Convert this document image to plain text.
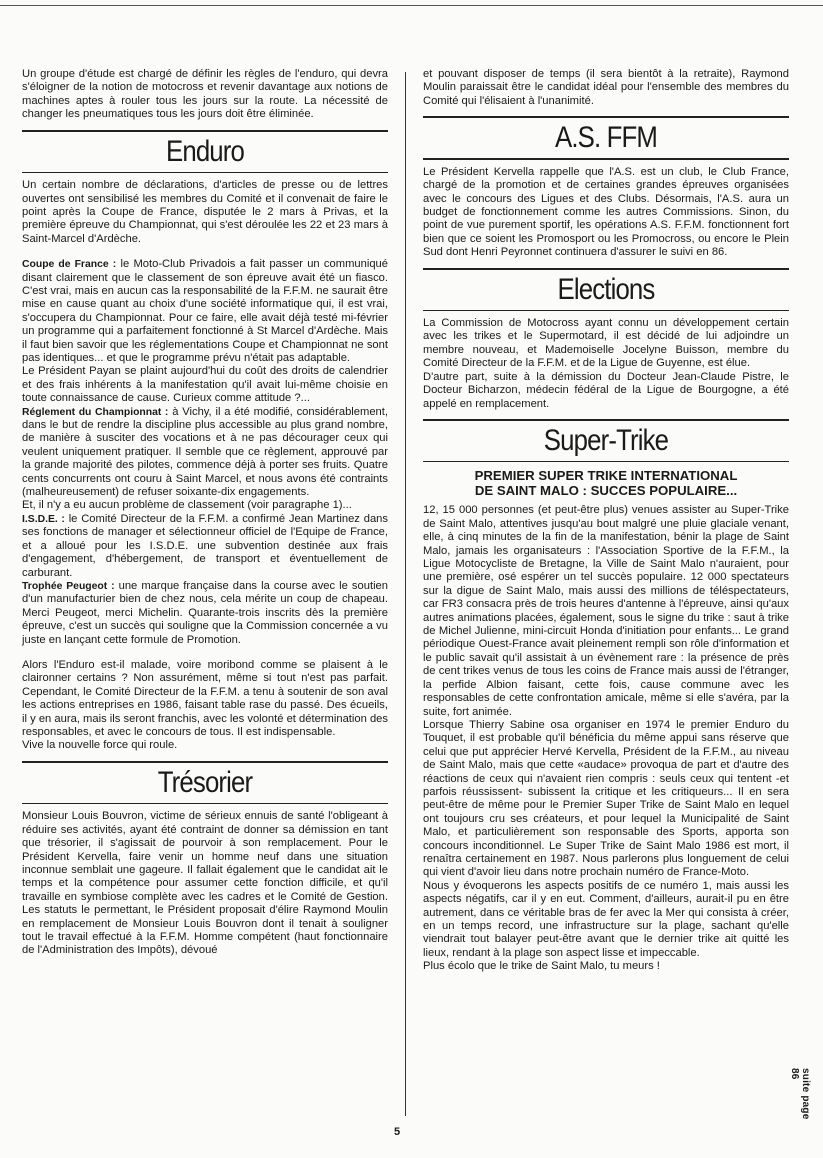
Un groupe d'étude est chargé de définir les règles de l'enduro, qui devra s'éloigner de la notion de motocross et revenir davantage aux notions de machines aptes à rouler tous les jours sur la route. La nécessité de changer les pneumatiques tous les jours doit être éliminée.

Enduro

Un certain nombre de déclarations, d'articles de presse ou de lettres ouvertes ont sensibilisé les membres du Comité et il convenait de faire le point après la Coupe de France, disputée le 2 mars à Privas, et la première épreuve du Championnat, qui s'est déroulée les 22 et 23 mars à Saint-Marcel d'Ardèche.

Coupe de France : le Moto-Club Privadois a fait passer un communiqué disant clairement que le classement de son épreuve avait été un fiasco. C'est vrai, mais en aucun cas la responsabilité de la F.F.M. ne saurait être mise en cause quant au choix d'une société informatique qui, il est vrai, s'occupera du Championnat. Pour ce faire, elle avait déjà testé mi-février un programme qui a parfaitement fonctionné à St Marcel d'Ardèche. Mais il faut bien savoir que les réglementations Coupe et Championnat ne sont pas identiques... et que le programme prévu n'était pas adaptable.

Le Président Payan se plaint aujourd'hui du coût des droits de calendrier et des frais inhérents à la manifestation qu'il avait lui-même choisie en toute connaissance de cause. Curieux comme attitude ?...

Réglement du Championnat : à Vichy, il a été modifié, considérablement, dans le but de rendre la discipline plus accessible au plus grand nombre, de manière à susciter des vocations et à ne pas décourager ceux qui veulent uniquement pratiquer. Il semble que ce règlement, approuvé par la grande majorité des pilotes, commence déjà à porter ses fruits. Quatre cents concurrents ont couru à Saint Marcel, et nous avons été contraints (malheureusement) de refuser soixante-dix engagements.

Et, il n'y a eu aucun problème de classement (voir paragraphe 1)...

I.S.D.E. : le Comité Directeur de la F.F.M. a confirmé Jean Martinez dans ses fonctions de manager et sélectionneur officiel de l'Equipe de France, et a alloué pour les I.S.D.E. une subvention destinée aux frais d'engagement, d'hébergement, de transport et éventuellement de carburant.

Trophée Peugeot : une marque française dans la course avec le soutien d'un manufacturier bien de chez nous, cela mérite un coup de chapeau. Merci Peugeot, merci Michelin. Quarante-trois inscrits dès la première épreuve, c'est un succès qui souligne que la Commission concernée a vu juste en lançant cette formule de Promotion.

Alors l'Enduro est-il malade, voire moribond comme se plaisent à le claironner certains ? Non assurément, même si tout n'est pas parfait. Cependant, le Comité Directeur de la F.F.M. a tenu à soutenir de son aval les actions entreprises en 1986, faisant table rase du passé. Des écueils, il y en aura, mais ils seront franchis, avec les volonté et détermination des responsables, et avec le concours de tous. Il est indispensable.

Vive la nouvelle force qui roule.

Trésorier

Monsieur Louis Bouvron, victime de sérieux ennuis de santé l'obligeant à réduire ses activités, ayant été contraint de donner sa démission en tant que trésorier, il s'agissait de pourvoir à son remplacement. Pour le Président Kervella, faire venir un homme neuf dans une situation inconnue semblait une gageure. Il fallait également que le candidat ait le temps et la compétence pour assumer cette fonction difficile, et qu'il travaille en symbiose complète avec les cadres et le Comité de Gestion. Les statuts le permettant, le Président proposait d'élire Raymond Moulin en remplacement de Monsieur Louis Bouvron dont il tenait à souligner tout le travail effectué à la F.F.M. Homme compétent (haut fonctionnaire de l'Administration des Impôts), dévoué

et pouvant disposer de temps (il sera bientôt à la retraite), Raymond Moulin paraissait être le candidat idéal pour l'ensemble des membres du Comité qui l'élisaient à l'unanimité.

A.S. FFM

Le Président Kervella rappelle que l'A.S. est un club, le Club France, chargé de la promotion et de certaines grandes épreuves organisées avec le concours des Ligues et des Clubs. Désormais, l'A.S. aura un budget de fonctionnement comme les autres Commissions. Sinon, du point de vue purement sportif, les opérations A.S. F.F.M. fonctionnent fort bien que ce soient les Promosport ou les Promocross, ou encore le Plein Sud dont Henri Peyronnet continuera d'assurer le suivi en 86.

Elections

La Commission de Motocross ayant connu un développement certain avec les trikes et le Supermotard, il est décidé de lui adjoindre un membre nouveau, et Mademoiselle Jocelyne Buisson, membre du Comité Directeur de la F.F.M. et de la Ligue de Guyenne, est élue.

D'autre part, suite à la démission du Docteur Jean-Claude Pistre, le Docteur Bicharzon, médecin fédéral de la Ligue de Bourgogne, a été appelé en remplacement.

Super-Trike
PREMIER SUPER TRIKE INTERNATIONAL
DE SAINT MALO : SUCCES POPULAIRE...

12, 15 000 personnes (et peut-être plus) venues assister au Super-Trike de Saint Malo, attentives jusqu'au bout malgré une pluie glaciale venant, elle, à cinq minutes de la fin de la manifestation, bénir la plage de Saint Malo, jamais les organisateurs : l'Association Sportive de la F.F.M., la Ligue Motocycliste de Bretagne, la Ville de Saint Malo n'auraient, pour une première, osé espérer un tel succès populaire. 12 000 spectateurs sur la digue de Saint Malo, mais aussi des millions de téléspectateurs, car FR3 consacra près de trois heures d'antenne à l'épreuve, ainsi qu'aux autres animations placées, également, sous le signe du trike : saut à trike de Michel Julienne, mini-circuit Honda d'initiation pour enfants... Le grand périodique Ouest-France avait pleinement rempli son rôle d'information et le public savait qu'il assistait à un évènement rare : la présence de près de cent trikes venus de tous les coins de France mais aussi de l'étranger, la perfide Albion faisant, cette fois, cause commune avec les responsables de cette confrontation amicale, même si elle s'avéra, par la suite, fort animée.

Lorsque Thierry Sabine osa organiser en 1974 le premier Enduro du Touquet, il est probable qu'il bénéficia du même appui sans réserve que celui que put apprécier Hervé Kervella, Président de la F.F.M., au niveau de Saint Malo, mais que cette «audace» provoqua de part et d'autre des réactions de ceux qui n'avaient rien compris : seuls ceux qui tentent -et parfois réussissent- subissent la critique et les critiqueurs... Il en sera peut-être de même pour le Premier Super Trike de Saint Malo en lequel ont toujours cru ses créateurs, et pour lequel la Municipalité de Saint Malo, et particulièrement son responsable des Sports, apporta son concours inconditionnel. Le Super Trike de Saint Malo 1986 est mort, il renaîtra certainement en 1987. Nous parlerons plus longuement de celui qui vient d'avoir lieu dans notre prochain numéro de France-Moto.

Nous y évoquerons les aspects positifs de ce numéro 1, mais aussi les aspects négatifs, car il y en eut. Comment, d'ailleurs, aurait-il pu en être autrement, dans ce véritable bras de fer avec la Mer qui consista à créer, en un temps record, une infrastructure sur la plage, sachant qu'elle viendrait tout balayer peut-être avant que le dernier trike ait quitté les lieux, rendant à la plage son aspect lisse et impeccable.

Plus écolo que le trike de Saint Malo, tu meurs !

suite page 86
5
